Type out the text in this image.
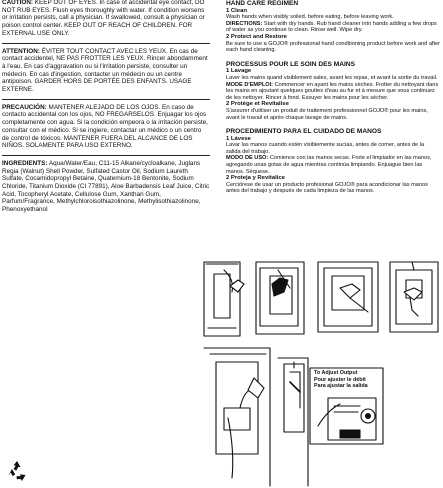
CAUTION: KEEP OUT OF EYES. In case of accidental eye contact, DO NOT RUB EYES. Flush eyes thoroughly with water. If condition worsens or irritation persists, call a physician. If swallowed, consult a physician or poison control center. KEEP OUT OF REACH OF CHILDREN. FOR EXTERNAL USE ONLY.

ATTENTION: ÉVITER TOUT CONTACT AVEC LES YEUX. En cas de contact accidentel, NE PAS FROTTER LES YEUX. Rincer abondamment à l'eau. En cas d'aggravation ou si l'irritation persiste, consulter un médecin. En cas d'ingestion, contacter un médecin ou un centre antipoison. GARDER HORS DE PORTÉE DES ENFANTS. USAGE EXTERNE.

PRECAUCIÓN: MANTENER ALEJADO DE LOS OJOS. En caso de contacto accidental con los ojos, NO FREGARSELOS. Enjuagar los ojos completamente con agua. Si la condición empeora o la irritación persiste, consultar con el médico. Si se ingiere, contactar un médico o un centro de control de tóxicos. MANTENER FUERA DEL ALCANCE DE LOS NIÑOS. SOLAMENTE PARA USO EXTERNO.

INGREDIENTS: Aqua/Water/Eau, C11-15 Alkane/cycloalkane, Juglans Regia (Walnut) Shell Powder, Sulfated Castor Oil, Sodium Laureth Sulfate, Cocamidopropyl Betaine, Quaternium-18 Bentonite, Sodium Chloride, Titanium Dioxide (CI 77891), Aloe Barbadensis Leaf Juice, Citric Acid, Tocopheryl Acetate, Cellulose Gum, Xanthan Gum, Parfum/Fragrance, Methylchloroisothiazolinone, Methylisothiazolinone, Phenoxyethanol

HAND CARE REGIMEN

1 Clean

Wash hands when visibly soiled, before eating, before leaving work.

DIRECTIONS: Start with dry hands. Rub hand cleaner into hands adding a few drops of water as you continue to clean. Rinse well. Wipe dry.

2 Protect and Restore

Be sure to use a GOJO® professional hand conditioning product before work and after each hand cleaning.

PROCESSUS POUR LE SOIN DES MAINS

1 Lavage

Laver les mains quand visiblement sales, avant les repas, et avant la sortie du travail.

MODE D'EMPLOI: Commencer en ayant les mains sèches. Frotter du nettoyant dans les mains en ajoutant quelques gouttes d'eau au fur et à mesure que vous continuez de les nettoyer. Rincer à fond. Essuyer les mains pour les sécher.

2 Protège et Revitalise

S'assurer d'utiliser un produit de traitement professionnel GOJO® pour les mains, avant le travail et après chaque lavage de mains.

PROCEDIMIENTO PARA EL CUIDADO DE MANOS

1 Lávese

Lavar las manos cuando estén visiblemente sucias, antes de comer, antes de la salida del trabajo.

MODO DE USO: Comience con las manos secas. Frote el limpiador en las manos, agregando unas gotas de agua mientras continúa limpiando. Enjuague bien las manos. Séquese.

2 Proteja y Revitalice

Cerciórese de usar un producto profesional GOJO® para acondicionar las manos antes del trabajo y después de cada limpieza de las manos.

To Adjust Output
Pour ajuster le débit
Para ajustar la salida
